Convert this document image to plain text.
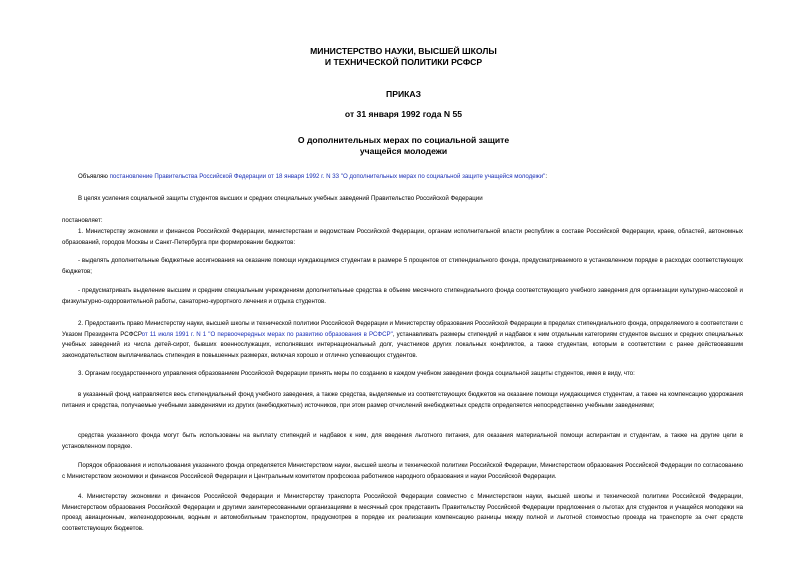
МИНИСТЕРСТВО НАУКИ, ВЫСШЕЙ ШКОЛЫ
И ТЕХНИЧЕСКОЙ ПОЛИТИКИ РСФСР
ПРИКАЗ
от 31 января 1992 года N 55
О дополнительных мерах по социальной защите
учащейся молодежи

Объявляю постановление Правительства Российской Федерации от 18 января 1992 г. N 33 "О дополнительных мерах по социальной защите учащейся молодежи":

В целях усиления социальной защиты студентов высших и средних специальных учебных заведений Правительство Российской Федерации

постановляет:

1. Министерству экономики и финансов Российской Федерации, министерствам и ведомствам Российской Федерации, органам исполнительной власти республик в составе Российской Федерации, краев, областей, автономных образований, городов Москвы и Санкт-Петербурга при формировании бюджетов:

- выделять дополнительные бюджетные ассигнования на оказание помощи нуждающимся студентам в размере 5 процентов от стипендиального фонда, предусматриваемого в установленном порядке в расходах соответствующих бюджетов;

- предусматривать выделение высшим и средним специальным учреждениям дополнительные средства в объеме месячного стипендиального фонда соответствующего учебного заведения для организации культурно-массовой и физкультурно-оздоровительной работы, санаторно-курортного лечения и отдыха студентов.

2. Предоставить право Министерству науки, высшей школы и технической политики Российской Федерации и Министерству образования Российской Федерации в пределах стипендиального фонда, определяемого в соответствии с Указом Президента РСФСРот 11 июля 1991 г. N 1 "О первоочередных мерах по развитию образования в РСФСР", устанавливать размеры стипендий и надбавок к ним отдельным категориям студентов высших и средних специальных учебных заведений из числа детей-сирот, бывших военнослужащих, исполнявших интернациональный долг, участников других локальных конфликтов, а также студентам, которым в соответствии с ранее действовавшим законодательством выплачивалась стипендия в повышенных размерах, включая хорошо и отлично успевающих студентов.

3. Органам государственного управления образованием Российской Федерации принять меры по созданию в каждом учебном заведении фонда социальной защиты студентов, имея в виду, что:

в указанный фонд направляется весь стипендиальный фонд учебного заведения, а также средства, выделяемые из соответствующих бюджетов на оказание помощи нуждающимся студентам, а также на компенсацию удорожания питания и средства, получаемые учебными заведениями из других (внебюджетных) источников, при этом размер отчислений внебюджетных средств определяется непосредственно учебными заведениями;

средства указанного фонда могут быть использованы на выплату стипендий и надбавок к ним, для введения льготного питания, для оказания материальной помощи аспирантам и студентам, а также на другие цели в установленном порядке.

Порядок образования и использования указанного фонда определяется Министерством науки, высшей школы и технической политики Российской Федерации, Министерством образования Российской Федерации по согласованию с Министерством экономики и финансов Российской Федерации и Центральным комитетом профсоюза работников народного образования и науки Российской Федерации.

4. Министерству экономики и финансов Российской Федерации и Министерству транспорта Российской Федерации совместно с Министерством науки, высшей школы и технической политики Российской Федерации, Министерством образования Российской Федерации и другими заинтересованными организациями в месячный срок представить Правительству Российской Федерации предложения о льготах для студентов и учащейся молодежи на проезд авиационным, железнодорожным, водным и автомобильным транспортом, предусмотрев в порядке их реализации компенсацию разницы между полной и льготной стоимостью проезда на транспорте за счет средств соответствующих бюджетов.
